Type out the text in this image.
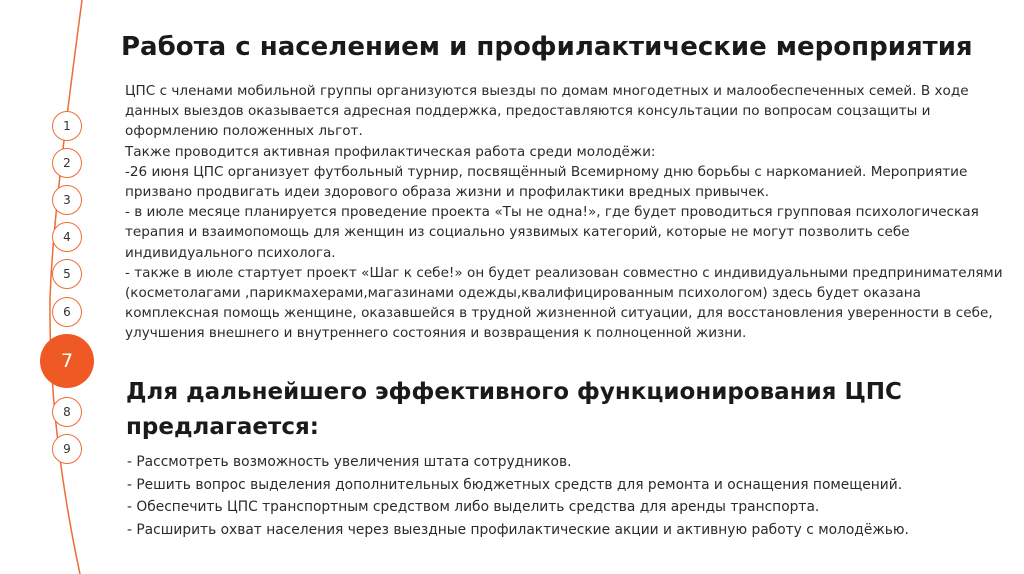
1
2
3
4
5
6
7
8
9
Работа с населением и профилактические мероприятия

ЦПС с членами мобильной группы организуются выезды по домам многодетных и малообеспеченных семей. В ходе данных выездов оказывается адресная поддержка, предоставляются консультации по вопросам соцзащиты и оформлению положенных льгот.

Также проводится активная профилактическая работа среди молодёжи:

-26 июня ЦПС организует футбольный турнир, посвящённый Всемирному дню борьбы с наркоманией. Мероприятие призвано продвигать идеи здорового образа жизни и профилактики вредных привычек.

- в июле месяце планируется проведение проекта «Ты не одна!», где будет проводиться групповая психологическая терапия и взаимопомощь для женщин из социально уязвимых категорий, которые не могут позволить себе индивидуального психолога.

- также в июле стартует проект «Шаг к себе!» он будет реализован совместно с индивидуальными предпринимателями (косметолагами ,парикмахерами,магазинами одежды,квалифицированным психологом) здесь будет оказана комплексная помощь женщине, оказавшейся в трудной жизненной ситуации, для восстановления уверенности в себе, улучшения внешнего и внутреннего состояния и возвращения к полноценной жизни.

Для дальнейшего эффективного функционирования ЦПС предлагается:

- Рассмотреть возможность увеличения штата сотрудников.

- Решить вопрос выделения дополнительных бюджетных средств для ремонта и оснащения помещений.

- Обеспечить ЦПС транспортным средством либо выделить средства для аренды транспорта.

- Расширить охват населения через выездные профилактические акции и активную работу с молодёжью.
